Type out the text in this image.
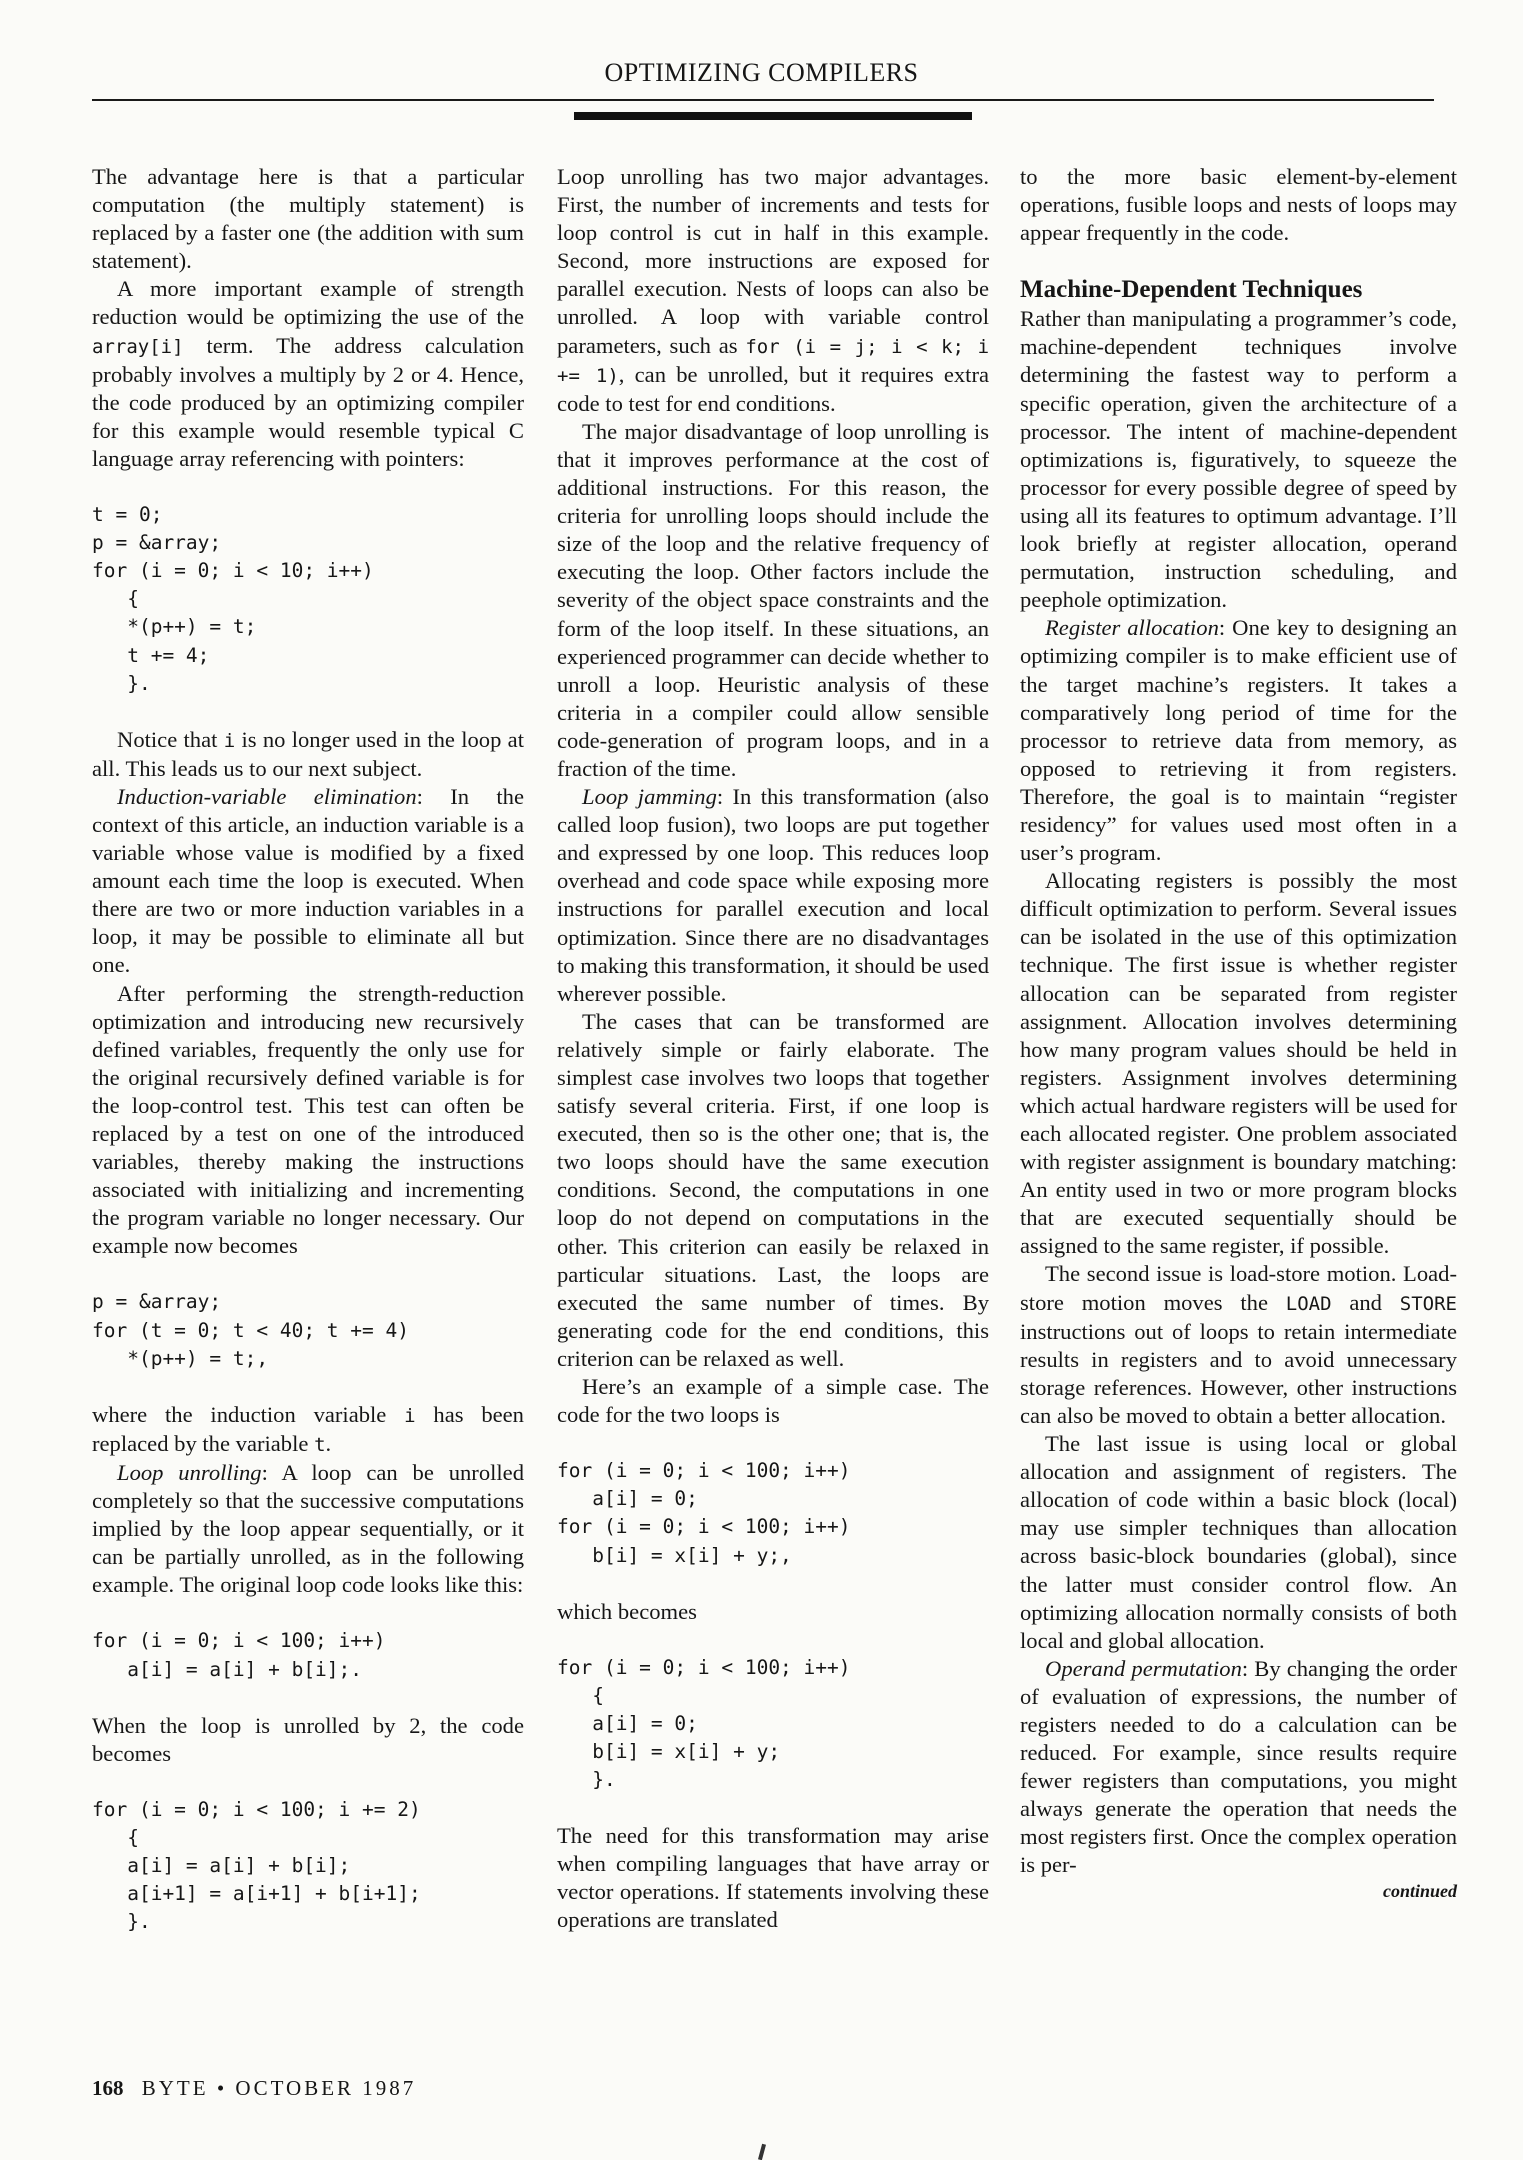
OPTIMIZING COMPILERS

The advantage here is that a particular computation (the multiply statement) is replaced by a faster one (the addition with sum statement).

A more important example of strength reduction would be optimizing the use of the array[i] term. The address calculation probably involves a multiply by 2 or 4. Hence, the code produced by an optimizing compiler for this example would resemble typical C language array referencing with pointers:

t = 0;
p = &array;
for (i = 0; i < 10; i++)
{
*(p++) = t;
t += 4;
}.

Notice that i is no longer used in the loop at all. This leads us to our next subject.

Induction-variable elimination: In the context of this article, an induction variable is a variable whose value is modified by a fixed amount each time the loop is executed. When there are two or more induction variables in a loop, it may be possible to eliminate all but one.

After performing the strength-reduction optimization and introducing new recursively defined variables, frequently the only use for the original recursively defined variable is for the loop-control test. This test can often be replaced by a test on one of the introduced variables, thereby making the instructions associated with initializing and incrementing the program variable no longer necessary. Our example now becomes

p = &array;
for (t = 0; t < 40; t += 4)
*(p++) = t;,

where the induction variable i has been replaced by the variable t.

Loop unrolling: A loop can be unrolled completely so that the successive computations implied by the loop appear sequentially, or it can be partially unrolled, as in the following example. The original loop code looks like this:

for (i = 0; i < 100; i++)
a[i] = a[i] + b[i];.

When the loop is unrolled by 2, the code becomes

for (i = 0; i < 100; i += 2)
{
a[i] = a[i] + b[i];
a[i+1] = a[i+1] + b[i+1];
}.

Loop unrolling has two major advantages. First, the number of increments and tests for loop control is cut in half in this example. Second, more instructions are exposed for parallel execution. Nests of loops can also be unrolled. A loop with variable control parameters, such as for (i = j; i < k; i += 1), can be unrolled, but it requires extra code to test for end conditions.

The major disadvantage of loop unrolling is that it improves performance at the cost of additional instructions. For this reason, the criteria for unrolling loops should include the size of the loop and the relative frequency of executing the loop. Other factors include the severity of the object space constraints and the form of the loop itself. In these situations, an experienced programmer can decide whether to unroll a loop. Heuristic analysis of these criteria in a compiler could allow sensible code-generation of program loops, and in a fraction of the time.

Loop jamming: In this transformation (also called loop fusion), two loops are put together and expressed by one loop. This reduces loop overhead and code space while exposing more instructions for parallel execution and local optimization. Since there are no disadvantages to making this transformation, it should be used wherever possible.

The cases that can be transformed are relatively simple or fairly elaborate. The simplest case involves two loops that together satisfy several criteria. First, if one loop is executed, then so is the other one; that is, the two loops should have the same execution conditions. Second, the computations in one loop do not depend on computations in the other. This criterion can easily be relaxed in particular situations. Last, the loops are executed the same number of times. By generating code for the end conditions, this criterion can be relaxed as well.

Here’s an example of a simple case. The code for the two loops is

for (i = 0; i < 100; i++)
a[i] = 0;
for (i = 0; i < 100; i++)
b[i] = x[i] + y;,

which becomes

for (i = 0; i < 100; i++)
{
a[i] = 0;
b[i] = x[i] + y;
}.

The need for this transformation may arise when compiling languages that have array or vector operations. If statements involving these operations are translated

to the more basic element-by-element operations, fusible loops and nests of loops may appear frequently in the code.

Machine-Dependent Techniques

Rather than manipulating a programmer’s code, machine-dependent techniques involve determining the fastest way to perform a specific operation, given the architecture of a processor. The intent of machine-dependent optimizations is, figuratively, to squeeze the processor for every possible degree of speed by using all its features to optimum advantage. I’ll look briefly at register allocation, operand permutation, instruction scheduling, and peephole optimization.

Register allocation: One key to designing an optimizing compiler is to make efficient use of the target machine’s registers. It takes a comparatively long period of time for the processor to retrieve data from memory, as opposed to retrieving it from registers. Therefore, the goal is to maintain “register residency” for values used most often in a user’s program.

Allocating registers is possibly the most difficult optimization to perform. Several issues can be isolated in the use of this optimization technique. The first issue is whether register allocation can be separated from register assignment. Allocation involves determining how many program values should be held in registers. Assignment involves determining which actual hardware registers will be used for each allocated register. One problem associated with register assignment is boundary matching: An entity used in two or more program blocks that are executed sequentially should be assigned to the same register, if possible.

The second issue is load-store motion. Load-store motion moves the LOAD and STORE instructions out of loops to retain intermediate results in registers and to avoid unnecessary storage references. However, other instructions can also be moved to obtain a better allocation.

The last issue is using local or global allocation and assignment of registers. The allocation of code within a basic block (local) may use simpler techniques than allocation across basic-block boundaries (global), since the latter must consider control flow. An optimizing allocation normally consists of both local and global allocation.

Operand permutation: By changing the order of evaluation of expressions, the number of registers needed to do a calculation can be reduced. For example, since results require fewer registers than computations, you might always generate the operation that needs the most registers first. Once the complex operation is per-

continued
168 BYTE • OCTOBER 1987
